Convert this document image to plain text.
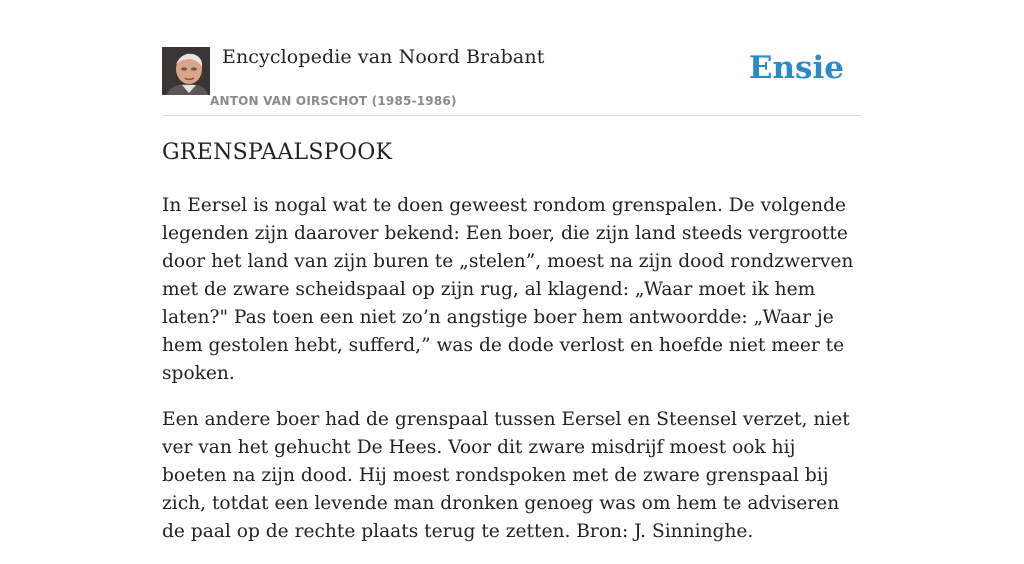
Encyclopedie van Noord Brabant
ANTON VAN OIRSCHOT (1985-1986)
Ensie
GRENSPAALSPOOK

In Eersel is nogal wat te doen geweest rondom grenspalen. De volgende legenden zijn daarover bekend: Een boer, die zijn land steeds vergrootte door het land van zijn buren te „stelen”, moest na zijn dood rondzwerven met de zware scheidspaal op zijn rug, al klagend: „Waar moet ik hem laten?" Pas toen een niet zo’n angstige boer hem antwoordde: „Waar je hem gestolen hebt, sufferd,” was de dode verlost en hoefde niet meer te spoken.

Een andere boer had de grenspaal tussen Eersel en Steensel verzet, niet ver van het gehucht De Hees. Voor dit zware misdrijf moest ook hij boeten na zijn dood. Hij moest rondspoken met de zware grenspaal bij zich, totdat een levende man dronken genoeg was om hem te adviseren de paal op de rechte plaats terug te zetten. Bron: J. Sinninghe.
